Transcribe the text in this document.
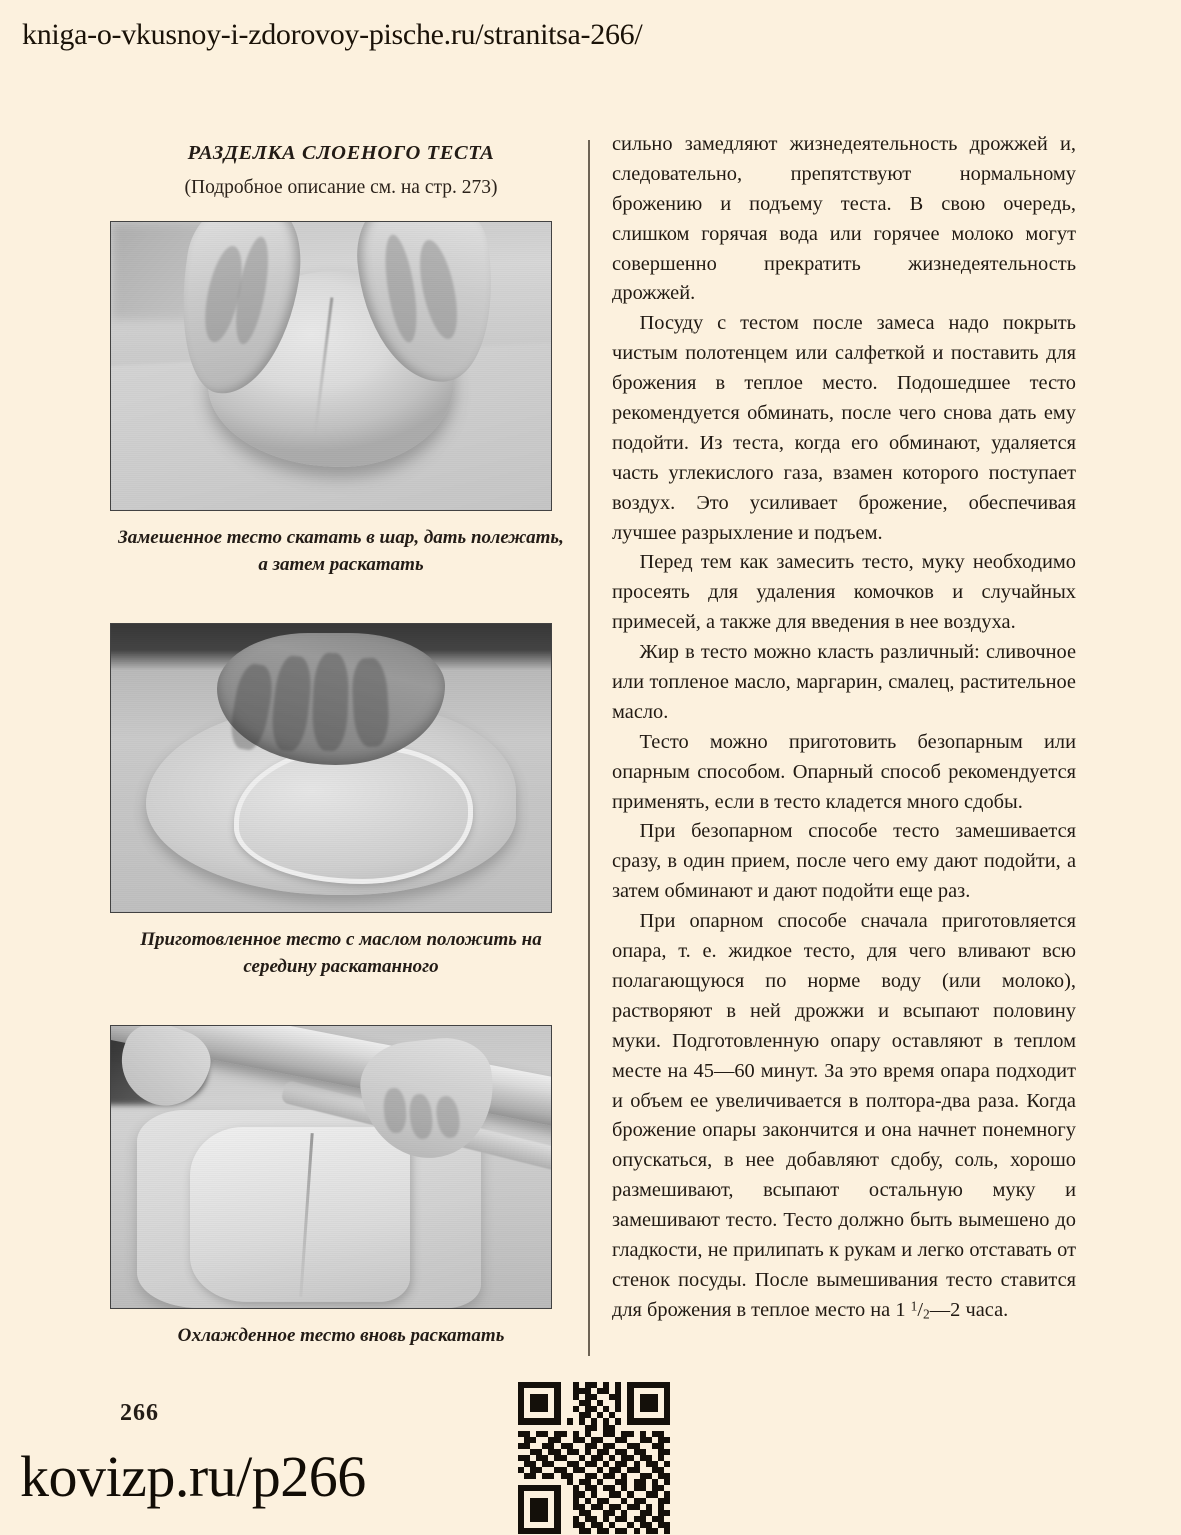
kniga-o-vkusnoy-i-zdorovoy-pische.ru/stranitsa-266/
РАЗДЕЛКА СЛОЕНОГО ТЕСТА
(Подробное описание см. на стр. 273)
Замешенное тесто скатать в шар, дать полежать, а затем раскатать
Приготовленное тесто с маслом положить на середину раскатанного
Охлажденное тесто вновь раскатать

сильно замедляют жизнедеятельность дрожжей и, следовательно, препятствуют нормальному брожению и подъему теста. В свою очередь, слишком горячая вода или горячее молоко могут совершенно прекратить жизнедеятельность дрожжей.

Посуду с тестом после замеса надо покрыть чистым полотенцем или салфеткой и поставить для брожения в теплое место. Подошедшее тесто рекомендуется обминать, после чего снова дать ему подойти. Из теста, когда его обминают, удаляется часть углекислого газа, взамен которого поступает воздух. Это усиливает брожение, обеспечивая лучшее разрыхление и подъем.

Перед тем как замесить тесто, муку необходимо просеять для удаления комочков и случайных примесей, а также для введения в нее воздуха.

Жир в тесто можно класть различный: сливочное или топленое масло, маргарин, смалец, растительное масло.

Тесто можно приготовить безопарным или опарным способом. Опарный способ рекомендуется применять, если в тесто кладется много сдобы.

При безопарном способе тесто замешивается сразу, в один прием, после чего ему дают подойти, а затем обминают и дают подойти еще раз.

При опарном способе сначала приготовляется опара, т. е. жидкое тесто, для чего вливают всю полагающуюся по норме воду (или молоко), растворяют в ней дрожжи и всыпают половину муки. Подготовленную опару оставляют в теплом месте на 45—60 минут. За это время опара подходит и объем ее увеличивается в полтора-два раза. Когда брожение опары закончится и она начнет понемногу опускаться, в нее добавляют сдобу, соль, хорошо размешивают, всыпают остальную муку и замешивают тесто. Тесто должно быть вымешено до гладкости, не прилипать к рукам и легко отставать от стенок посуды. После вымешивания тесто ставится для брожения в теплое место на 1 $^1/_2—2$ часа.

266
kovizp.ru/p266
